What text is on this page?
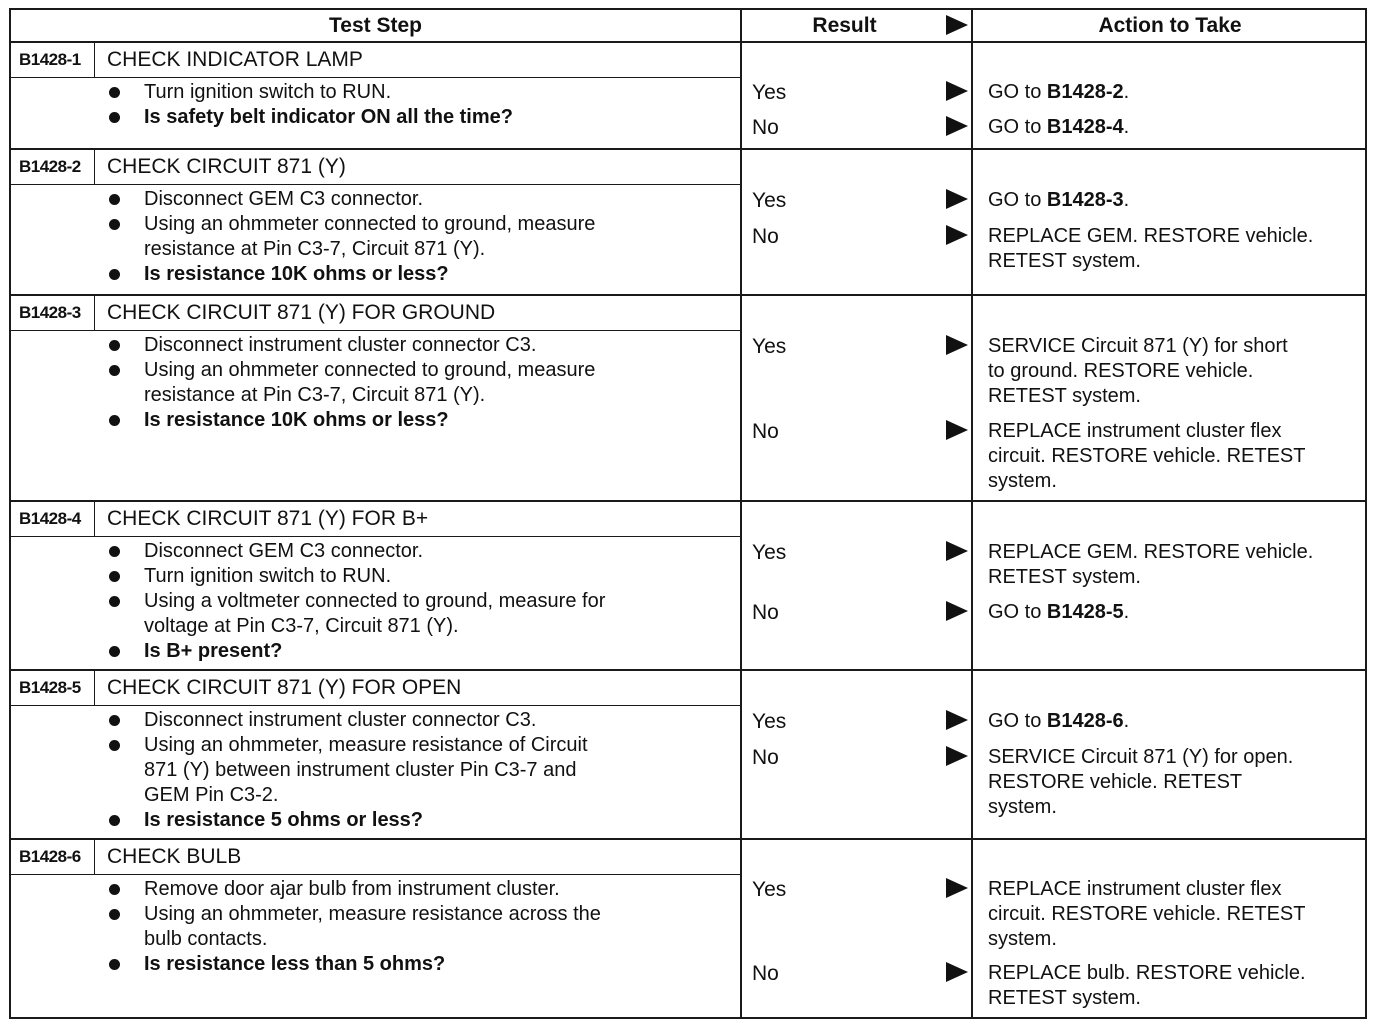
Test Step	Result	Action to Take
B1428-1	CHECK INDICATOR LAMP
Turn ignition switch to RUN.
Is safety belt indicator ON all the time?
Yes	GO to B1428-2.
No	GO to B1428-4.
B1428-2	CHECK CIRCUIT 871 (Y)
Disconnect GEM C3 connector.
Using an ohmmeter connected to ground, measure
resistance at Pin C3-7, Circuit 871 (Y).
Is resistance 10K ohms or less?
Yes	GO to B1428-3.
No	REPLACE GEM. RESTORE vehicle.
RETEST system.
B1428-3	CHECK CIRCUIT 871 (Y) FOR GROUND
Disconnect instrument cluster connector C3.
Using an ohmmeter connected to ground, measure
resistance at Pin C3-7, Circuit 871 (Y).
Is resistance 10K ohms or less?
Yes	SERVICE Circuit 871 (Y) for short
to ground. RESTORE vehicle.
RETEST system.
No	REPLACE instrument cluster flex
circuit. RESTORE vehicle. RETEST
system.
B1428-4	CHECK CIRCUIT 871 (Y) FOR B+
Disconnect GEM C3 connector.
Turn ignition switch to RUN.
Using a voltmeter connected to ground, measure for
voltage at Pin C3-7, Circuit 871 (Y).
Is B+ present?
Yes	REPLACE GEM. RESTORE vehicle.
RETEST system.
No	GO to B1428-5.
B1428-5	CHECK CIRCUIT 871 (Y) FOR OPEN
Disconnect instrument cluster connector C3.
Using an ohmmeter, measure resistance of Circuit
871 (Y) between instrument cluster Pin C3-7 and
GEM Pin C3-2.
Is resistance 5 ohms or less?
Yes	GO to B1428-6.
No	SERVICE Circuit 871 (Y) for open.
RESTORE vehicle. RETEST
system.
B1428-6	CHECK BULB
Remove door ajar bulb from instrument cluster.
Using an ohmmeter, measure resistance across the
bulb contacts.
Is resistance less than 5 ohms?
Yes	REPLACE instrument cluster flex
circuit. RESTORE vehicle. RETEST
system.
No	REPLACE bulb. RESTORE vehicle.
RETEST system.
